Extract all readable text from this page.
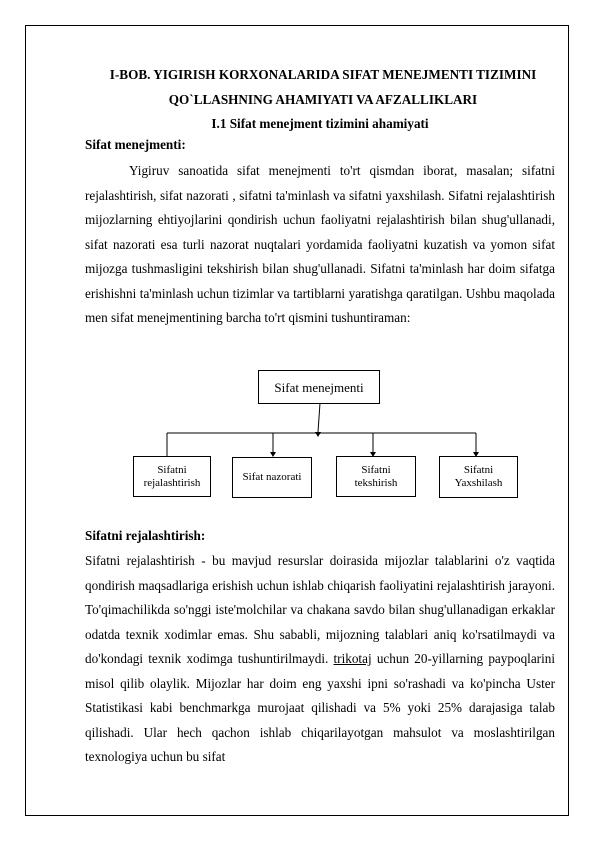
I-BOB. YIGIRISH KORXONALARIDA SIFAT MENEJMENTI TIZIMINI
QO`LLASHNING AHAMIYATI VA AFZALLIKLARI
I.1 Sifat menejment tizimini ahamiyati
Sifat menejmenti:
Yigiruv sanoatida sifat menejmenti to'rt qismdan iborat, masalan; sifatni rejalashtirish, sifat nazorati , sifatni ta'minlash va sifatni yaxshilash. Sifatni rejalashtirish mijozlarning ehtiyojlarini qondirish uchun faoliyatni rejalashtirish bilan shug'ullanadi, sifat nazorati esa turli nazorat nuqtalari yordamida faoliyatni kuzatish va yomon sifat mijozga tushmasligini tekshirish bilan shug'ullanadi. Sifatni ta'minlash har doim sifatga erishishni ta'minlash uchun tizimlar va tartiblarni yaratishga qaratilgan. Ushbu maqolada men sifat menejmentining barcha to'rt qismini tushuntiraman:
Sifat menejmenti
Sifatni
rejalashtirish	Sifat nazorati
Sifatni
tekshirish
Sifatni
Yaxshilash
Sifatni rejalashtirish:
Sifatni rejalashtirish - bu mavjud resurslar doirasida mijozlar talablarini o'z vaqtida qondirish maqsadlariga erishish uchun ishlab chiqarish faoliyatini rejalashtirish jarayoni. To'qimachilikda so'nggi iste'molchilar va chakana savdo bilan shug'ullanadigan erkaklar odatda texnik xodimlar emas. Shu sababli, mijozning talablari aniq ko'rsatilmaydi va do'kondagi texnik xodimga tushuntirilmaydi. trikotaj uchun 20-yillarning paypoqlarini misol qilib olaylik. Mijozlar har doim eng yaxshi ipni so'rashadi va ko'pincha Uster Statistikasi kabi benchmarkga murojaat qilishadi va 5% yoki 25% darajasiga talab qilishadi. Ular hech qachon ishlab chiqarilayotgan mahsulot va moslashtirilgan texnologiya uchun bu sifat
